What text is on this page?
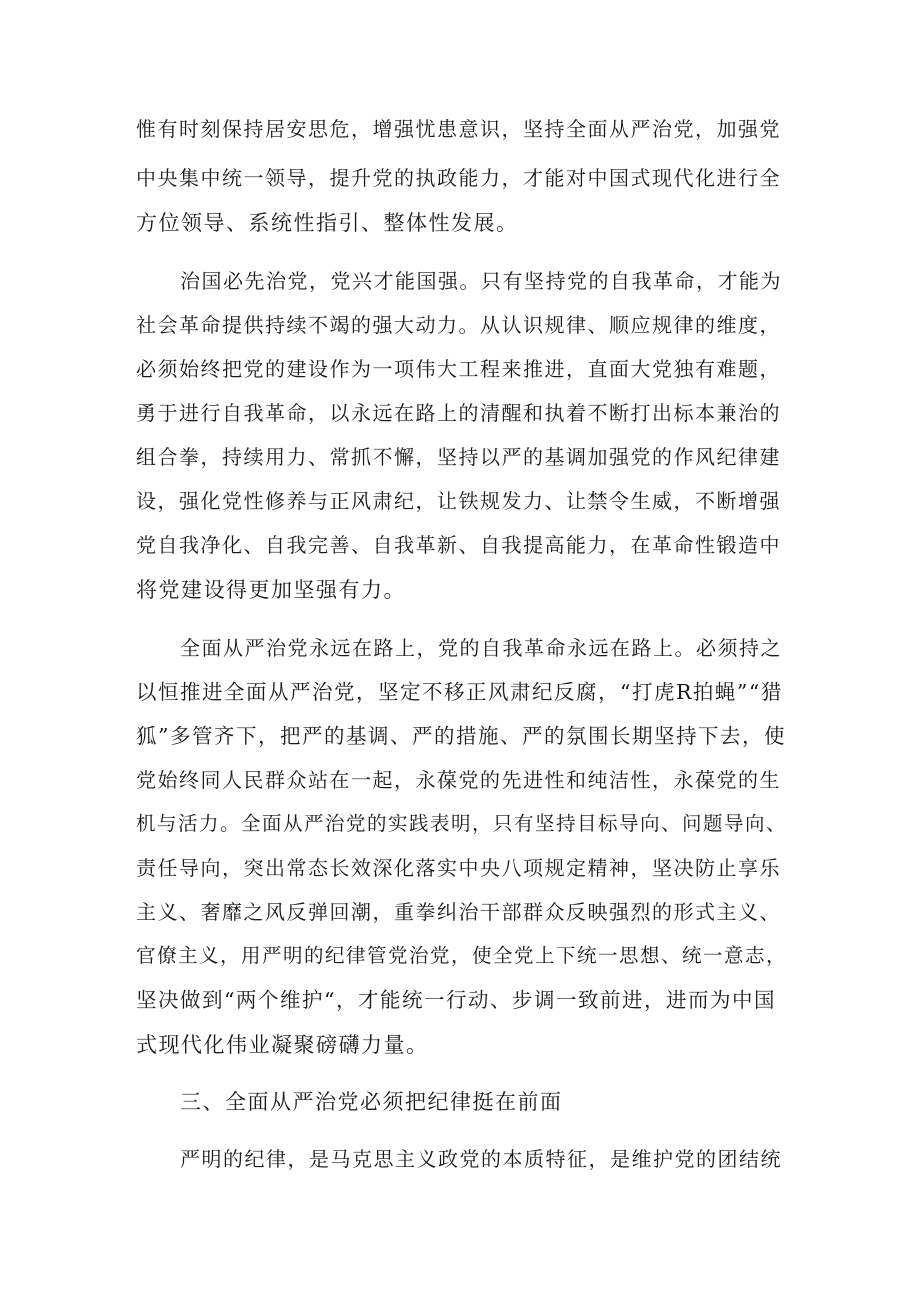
惟有时刻保持居安思危，增强忧患意识，坚持全面从严治党，加强党
中央集中统一领导，提升党的执政能力，才能对中国式现代化进行全
方位领导、系统性指引、整体性发展。
治国必先治党，党兴才能国强。只有坚持党的自我革命，才能为
社会革命提供持续不竭的强大动力。从认识规律、顺应规律的维度，
必须始终把党的建设作为一项伟大工程来推进，直面大党独有难题，
勇于进行自我革命，以永远在路上的清醒和执着不断打出标本兼治的
组合拳，持续用力、常抓不懈，坚持以严的基调加强党的作风纪律建
设，强化党性修养与正风肃纪，让铁规发力、让禁令生威，不断增强
党自我净化、自我完善、自我革新、自我提高能力，在革命性锻造中
将党建设得更加坚强有力。
全面从严治党永远在路上，党的自我革命永远在路上。必须持之
以恒推进全面从严治党，坚定不移正风肃纪反腐，“打虎R拍蝇”“猎
狐”多管齐下，把严的基调、严的措施、严的氛围长期坚持下去，使
党始终同人民群众站在一起，永葆党的先进性和纯洁性，永葆党的生
机与活力。全面从严治党的实践表明，只有坚持目标导向、问题导向、
责任导向，突出常态长效深化落实中央八项规定精神，坚决防止享乐
主义、奢靡之风反弹回潮，重拳纠治干部群众反映强烈的形式主义、
官僚主义，用严明的纪律管党治党，使全党上下统一思想、统一意志，
坚决做到“两个维护“，才能统一行动、步调一致前进，进而为中国
式现代化伟业凝聚磅礴力量。
三、全面从严治党必须把纪律挺在前面
严明的纪律，是马克思主义政党的本质特征，是维护党的团结统
